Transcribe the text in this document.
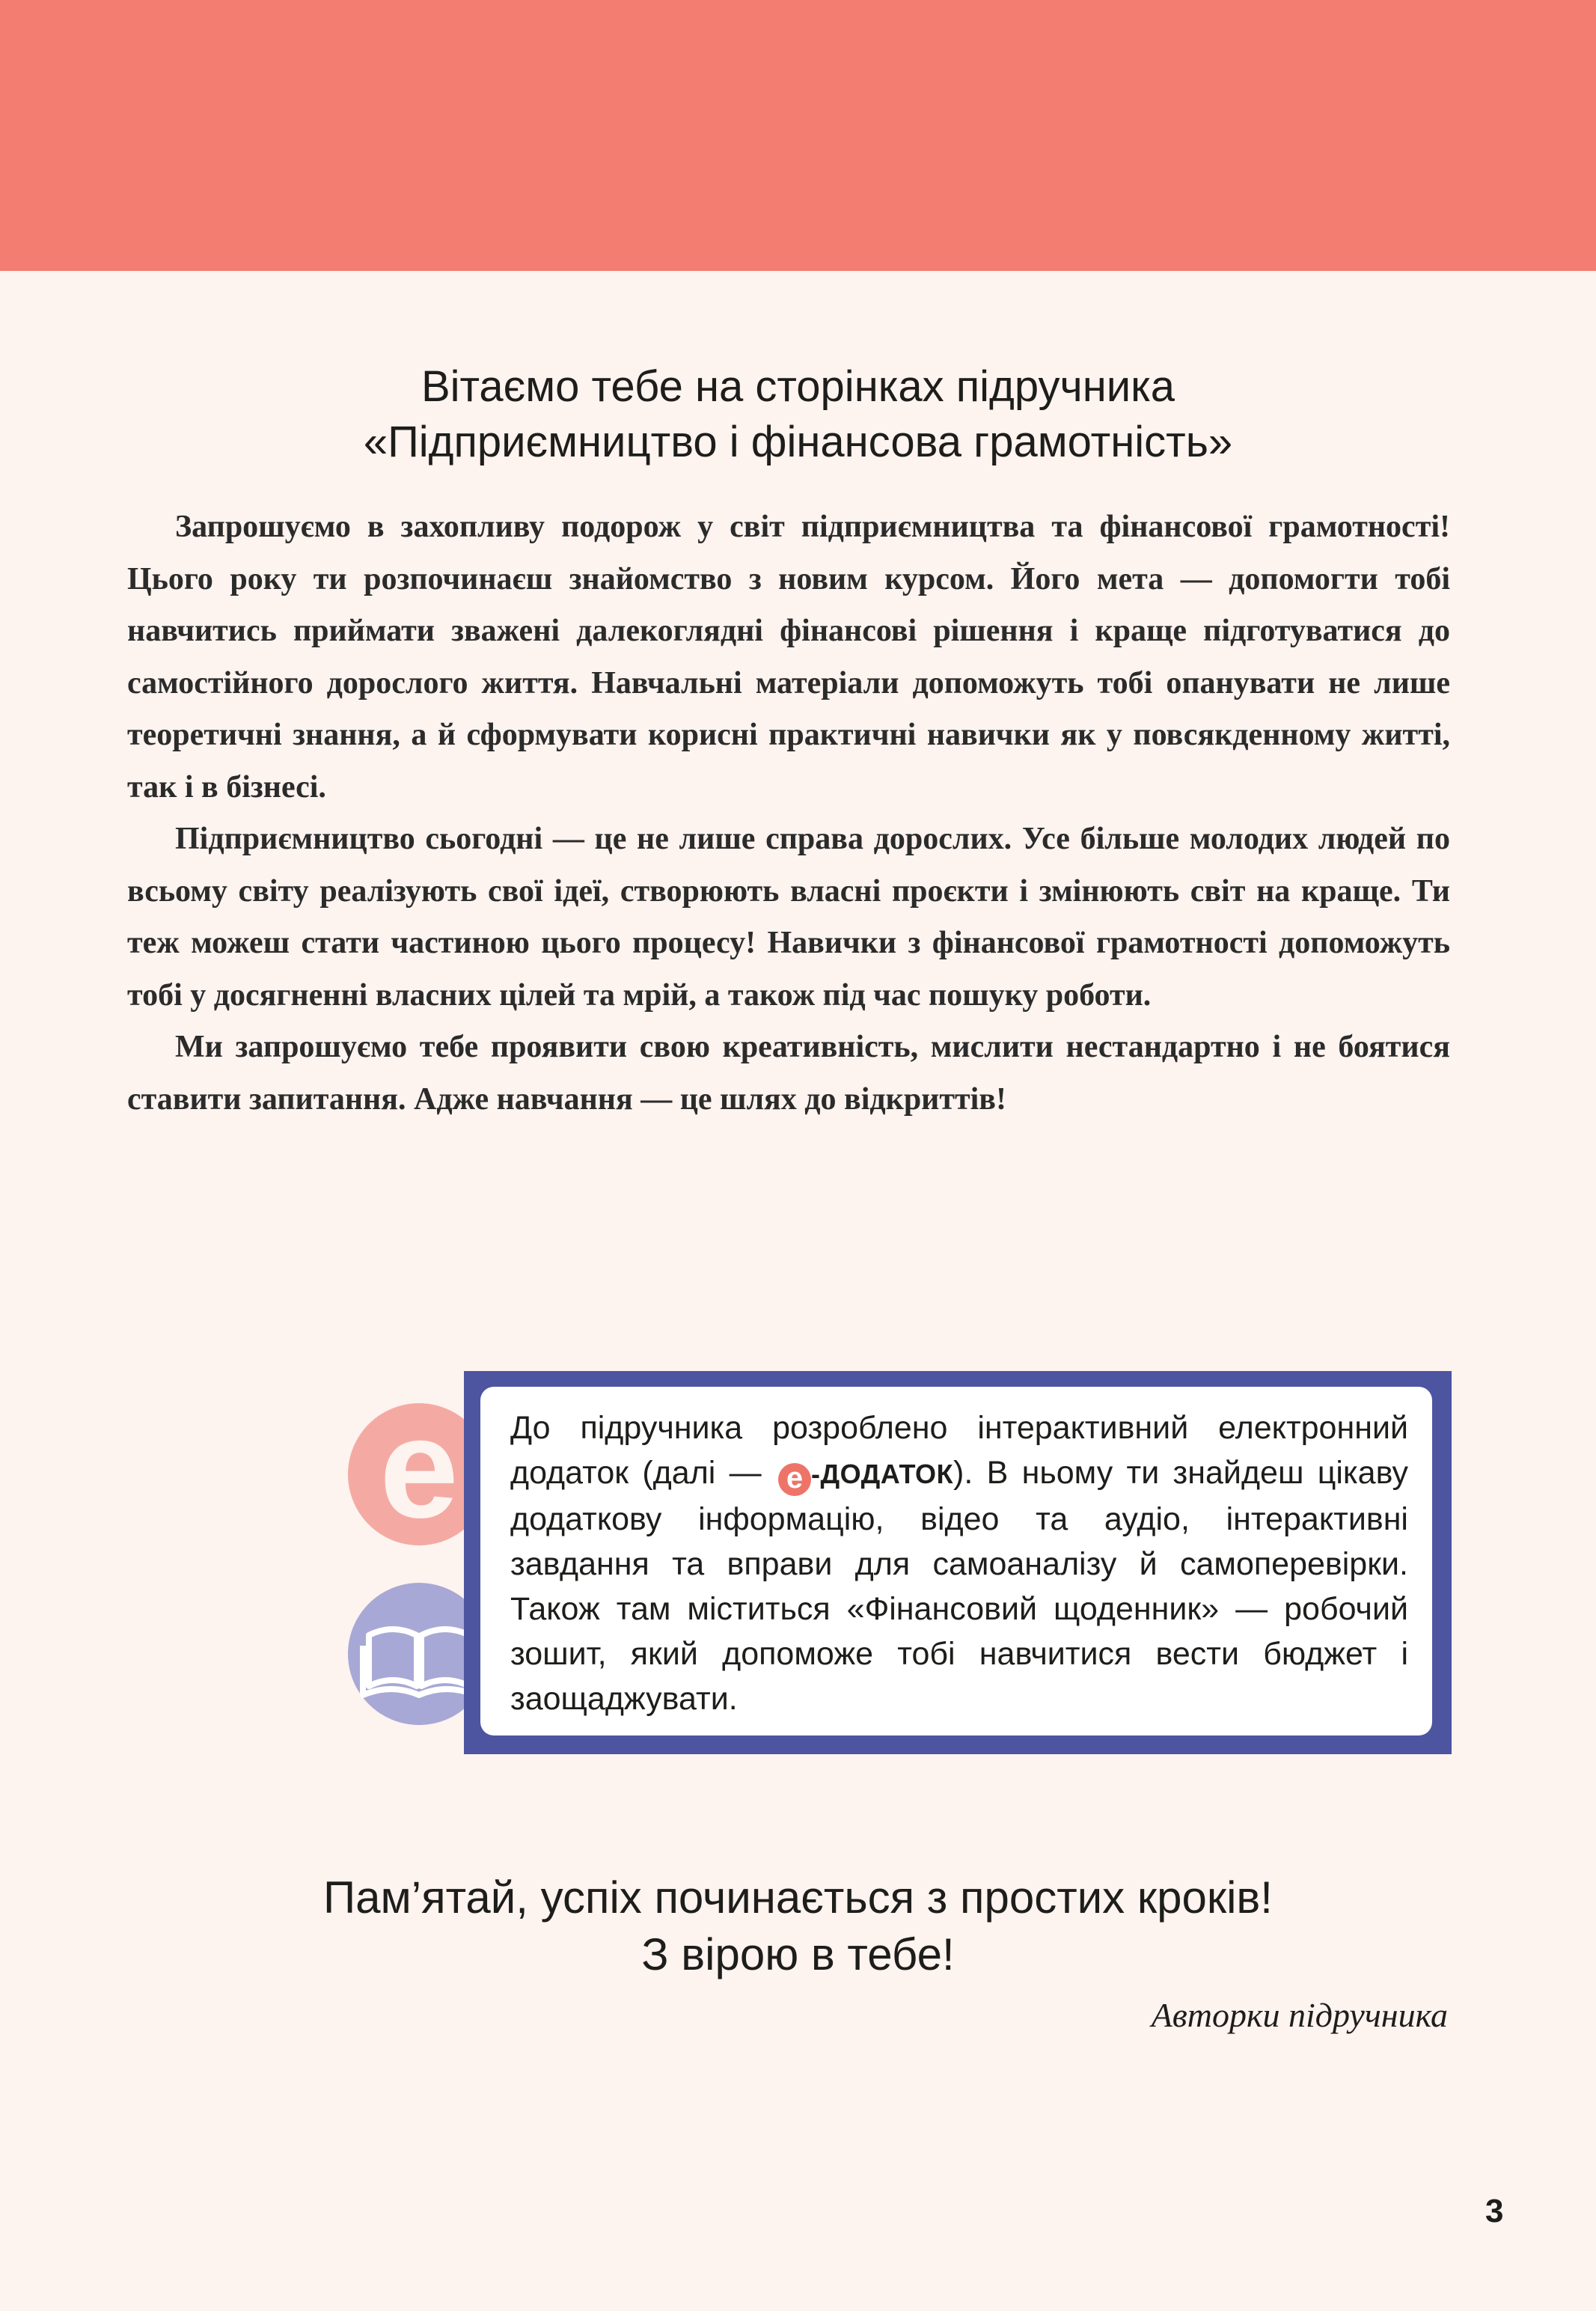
Вітаємо тебе на сторінках підручника
«Підприємництво і фінансова грамотність»

Запрошуємо в захопливу подорож у світ підприємництва та фінансової грамотності! Цього року ти розпочинаєш знайомство з новим курсом. Його мета — допомогти тобі навчитись приймати зважені далекоглядні фінансові рішення і краще підготуватися до самостійного дорослого життя. Навчальні матеріали допоможуть тобі опанувати не лише теоретичні знання, а й сформувати корисні практичні навички як у повсякденному житті, так і в бізнесі.

Підприємництво сьогодні — це не лише справа дорослих. Усе більше молодих людей по всьому світу реалізують свої ідеї, створюють власні проєкти і змінюють світ на краще. Ти теж можеш стати частиною цього процесу! Навички з фінансової грамотності допоможуть тобі у досягненні власних цілей та мрій, а також під час пошуку роботи.

Ми запрошуємо тебе проявити свою креативність, мислити нестандартно і не боятися ставити запитання. Адже навчання — це шлях до відкриттів!

е	До підручника розроблено інтерактивний електронний додаток (далі — е -ДОДАТОК). В ньому ти знайдеш цікаву додаткову інформацію, відео та аудіо, інтерактивні завдання та вправи для самоаналізу й самоперевірки. Також там міститься «Фінансовий щоденник» — робочий зошит, який допоможе тобі навчитися вести бюджет і заощаджувати.
Пам’ятай, успіх починається з простих кроків!
З вірою в тебе!
Авторки підручника
3
